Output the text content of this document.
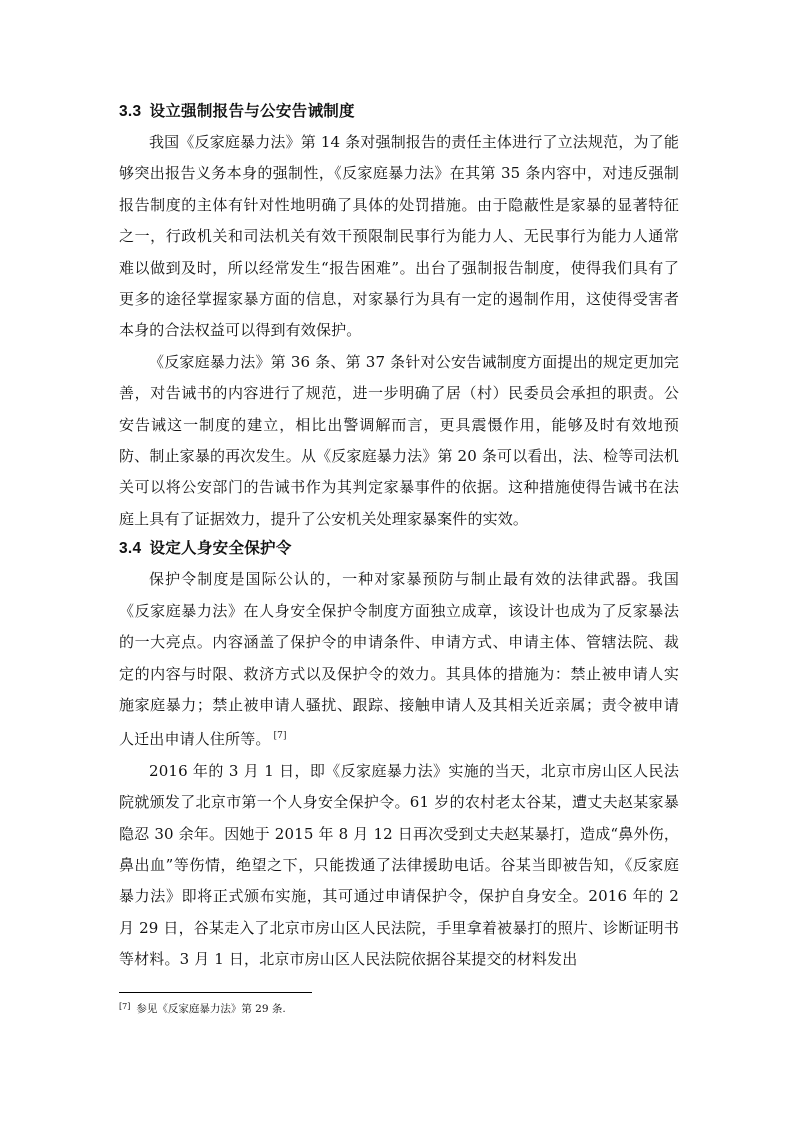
3.3 设立强制报告与公安告诫制度

我国《反家庭暴力法》第 14 条对强制报告的责任主体进行了立法规范，为了能够突出报告义务本身的强制性，《反家庭暴力法》在其第 35 条内容中，对违反强制报告制度的主体有针对性地明确了具体的处罚措施。由于隐蔽性是家暴的显著特征之一，行政机关和司法机关有效干预限制民事行为能力人、无民事行为能力人通常难以做到及时，所以经常发生“报告困难”。出台了强制报告制度，使得我们具有了更多的途径掌握家暴方面的信息，对家暴行为具有一定的遏制作用，这使得受害者本身的合法权益可以得到有效保护。

《反家庭暴力法》第 36 条、第 37 条针对公安告诫制度方面提出的规定更加完善，对告诫书的内容进行了规范，进一步明确了居（村）民委员会承担的职责。公安告诫这一制度的建立，相比出警调解而言，更具震慑作用，能够及时有效地预防、制止家暴的再次发生。从《反家庭暴力法》第 20 条可以看出，法、检等司法机关可以将公安部门的告诫书作为其判定家暴事件的依据。这种措施使得告诫书在法庭上具有了证据效力，提升了公安机关处理家暴案件的实效。

3.4 设定人身安全保护令

保护令制度是国际公认的，一种对家暴预防与制止最有效的法律武器。我国《反家庭暴力法》在人身安全保护令制度方面独立成章，该设计也成为了反家暴法的一大亮点。内容涵盖了保护令的申请条件、申请方式、申请主体、管辖法院、裁定的内容与时限、救济方式以及保护令的效力。其具体的措施为：禁止被申请人实施家庭暴力；禁止被申请人骚扰、跟踪、接触申请人及其相关近亲属；责令被申请人迁出申请人住所等。 [7]

2016 年的 3 月 1 日，即《反家庭暴力法》实施的当天，北京市房山区人民法院就颁发了北京市第一个人身安全保护令。61 岁的农村老太谷某，遭丈夫赵某家暴隐忍 30 余年。因她于 2015 年 8 月 12 日再次受到丈夫赵某暴打，造成“鼻外伤，鼻出血”等伤情，绝望之下，只能拨通了法律援助电话。谷某当即被告知，《反家庭暴力法》即将正式颁布实施，其可通过申请保护令，保护自身安全。2016 年的 2 月 29 日，谷某走入了北京市房山区人民法院，手里拿着被暴打的照片、诊断证明书等材料。3 月 1 日，北京市房山区人民法院依据谷某提交的材料发出

[7] 参见《反家庭暴力法》第 29 条.
